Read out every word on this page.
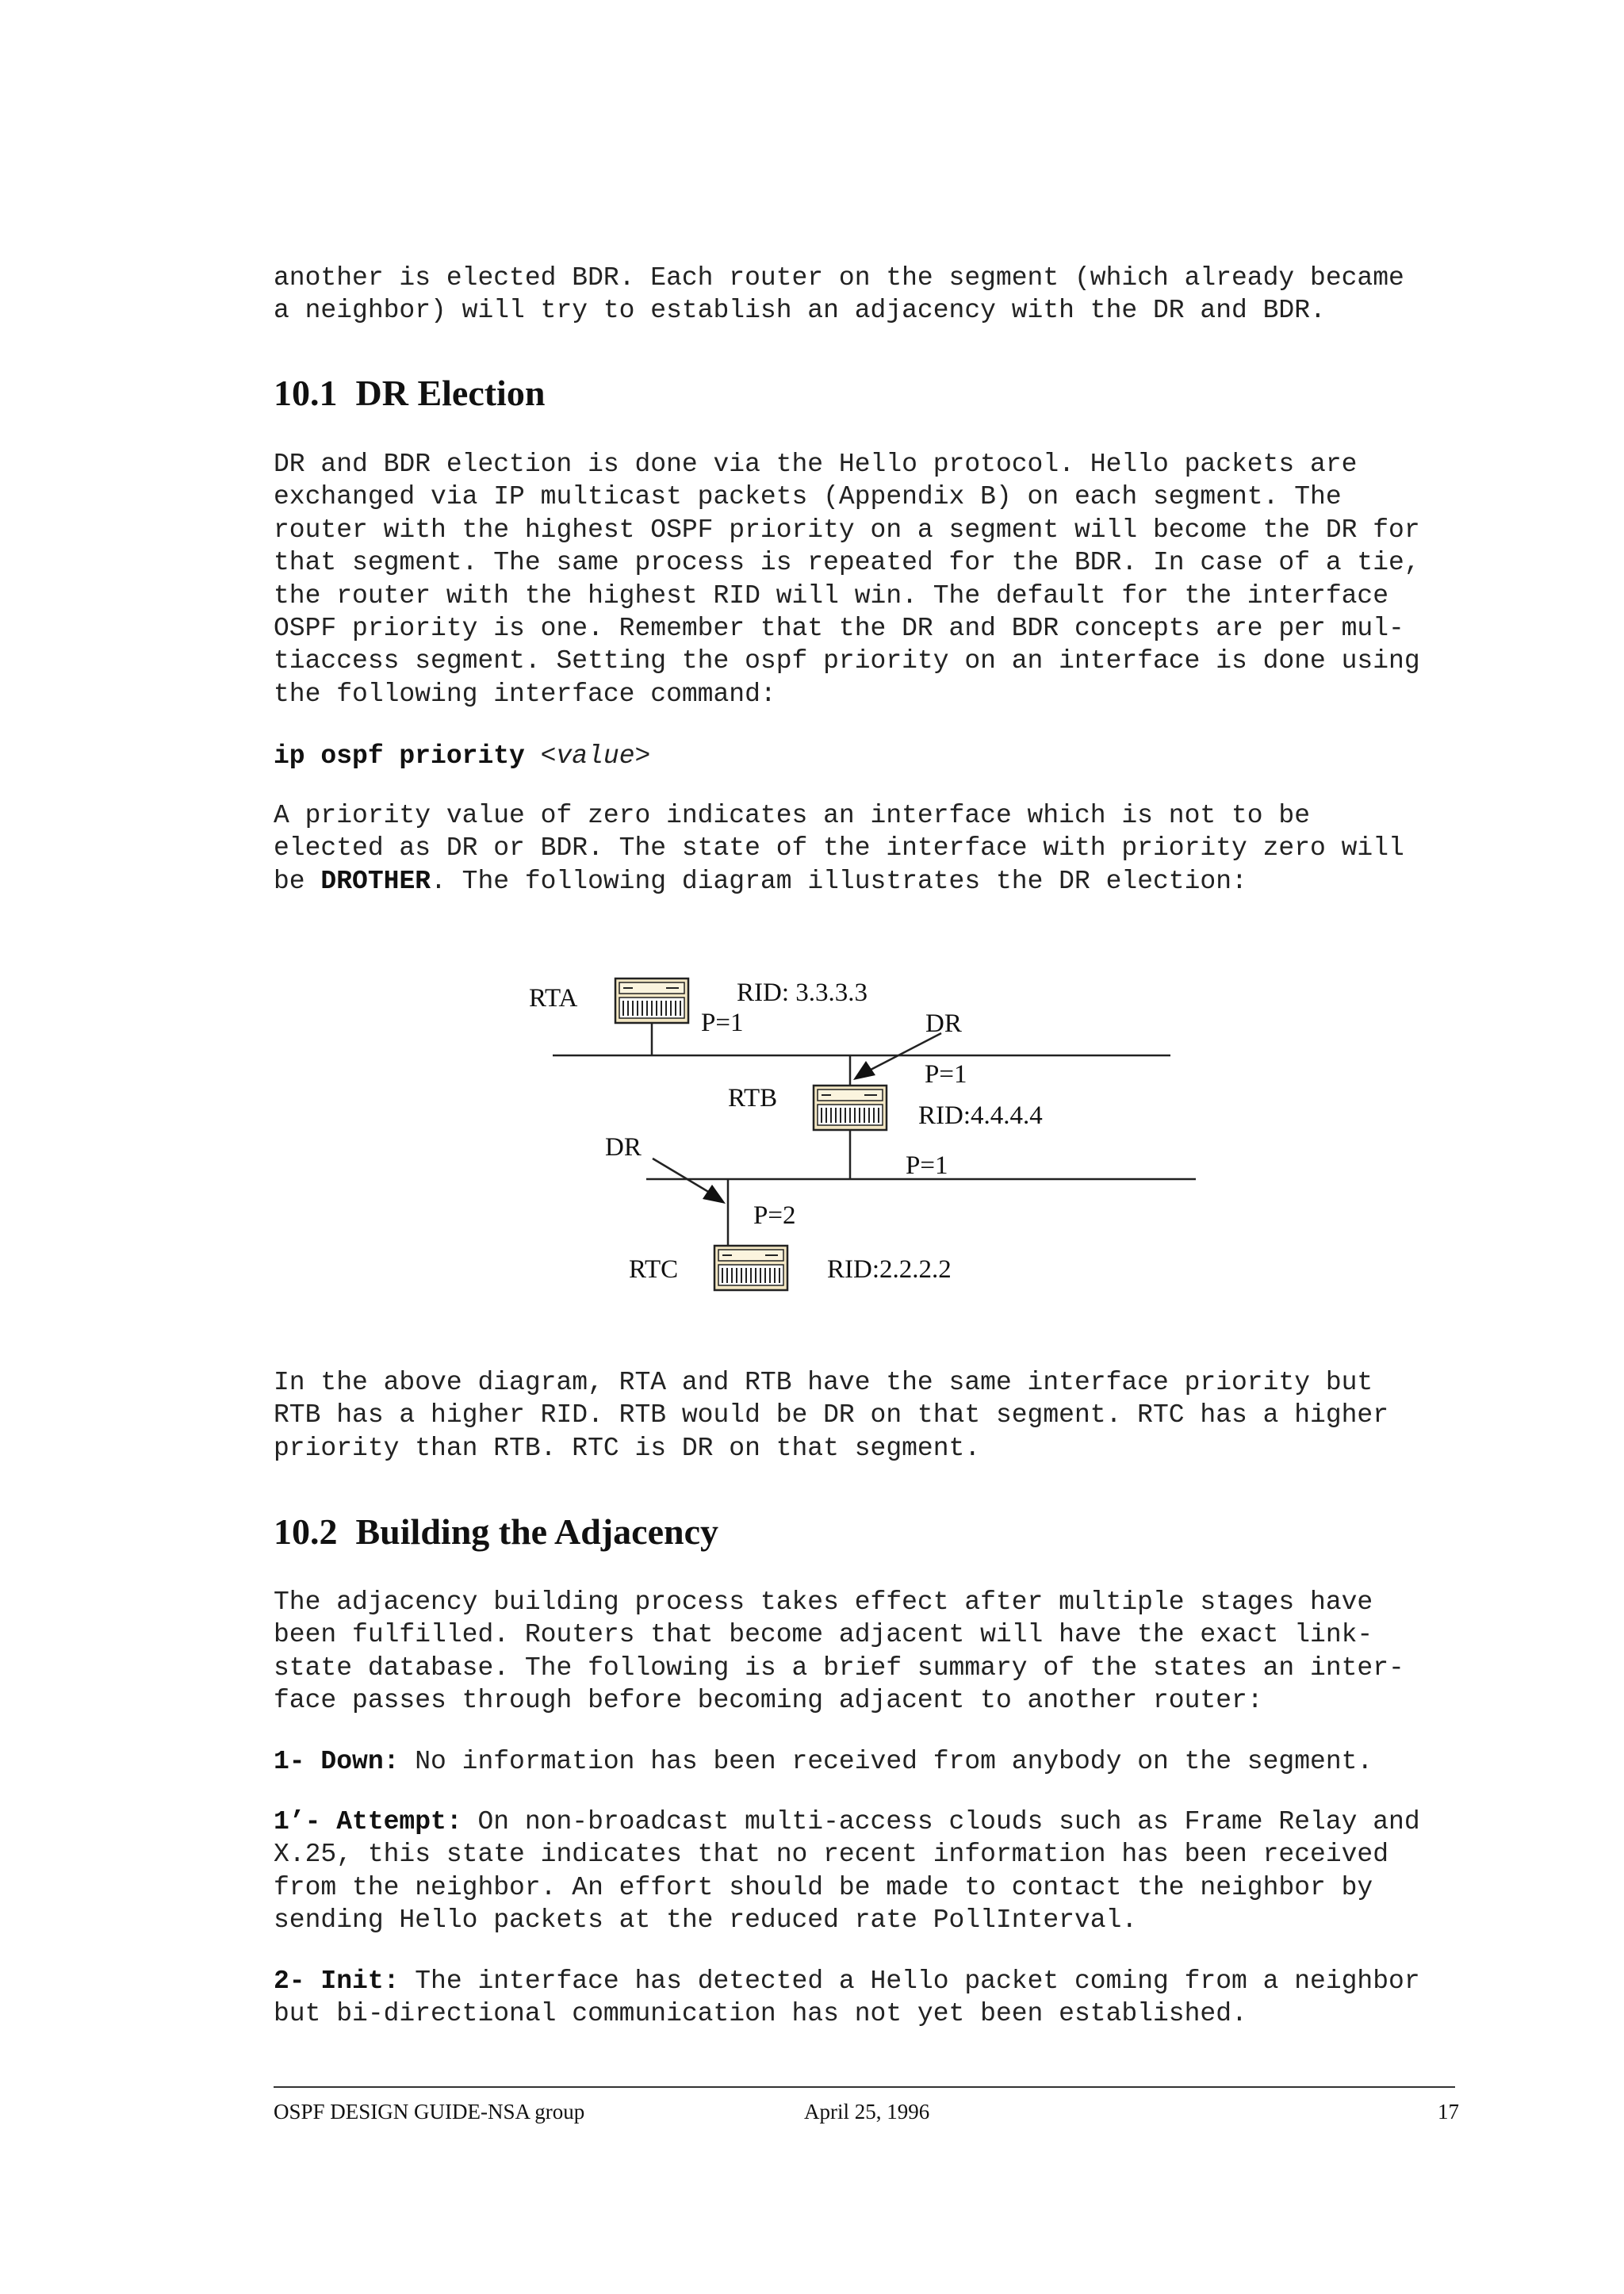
another is elected BDR. Each router on the segment (which already became
a neighbor) will try to establish an adjacency with the DR and BDR.

10.1  DR Election

DR and BDR election is done via the Hello protocol. Hello packets are
exchanged via IP multicast packets (Appendix B) on each segment. The
router with the highest OSPF priority on a segment will become the DR for
that segment. The same process is repeated for the BDR. In case of a tie,
the router with the highest RID will win. The default for the interface
OSPF priority is one. Remember that the DR and BDR concepts are per mul-
tiaccess segment. Setting the ospf priority on an interface is done using
the following interface command:

ip ospf priority <value>

A priority value of zero indicates an interface which is not to be
elected as DR or BDR. The state of the interface with priority zero will
be DROTHER. The following diagram illustrates the DR election:

RTA	RID: 3.3.3.3
P=1
RTB
RID:4.4.4.4
P=1
P=1
DR
RTC	RID:2.2.2.2
P=2
DR

In the above diagram, RTA and RTB have the same interface priority but
RTB has a higher RID. RTB would be DR on that segment. RTC has a higher
priority than RTB. RTC is DR on that segment.

10.2  Building the Adjacency

The adjacency building process takes effect after multiple stages have
been fulfilled. Routers that become adjacent will have the exact link-
state database. The following is a brief summary of the states an inter-
face passes through before becoming adjacent to another router:

1- Down: No information has been received from anybody on the segment.

1’- Attempt: On non-broadcast multi-access clouds such as Frame Relay and
X.25, this state indicates that no recent information has been received
from the neighbor. An effort should be made to contact the neighbor by
sending Hello packets at the reduced rate PollInterval.

2- Init: The interface has detected a Hello packet coming from a neighbor
but bi-directional communication has not yet been established.

OSPF DESIGN GUIDE-NSA group	April 25, 1996	17
